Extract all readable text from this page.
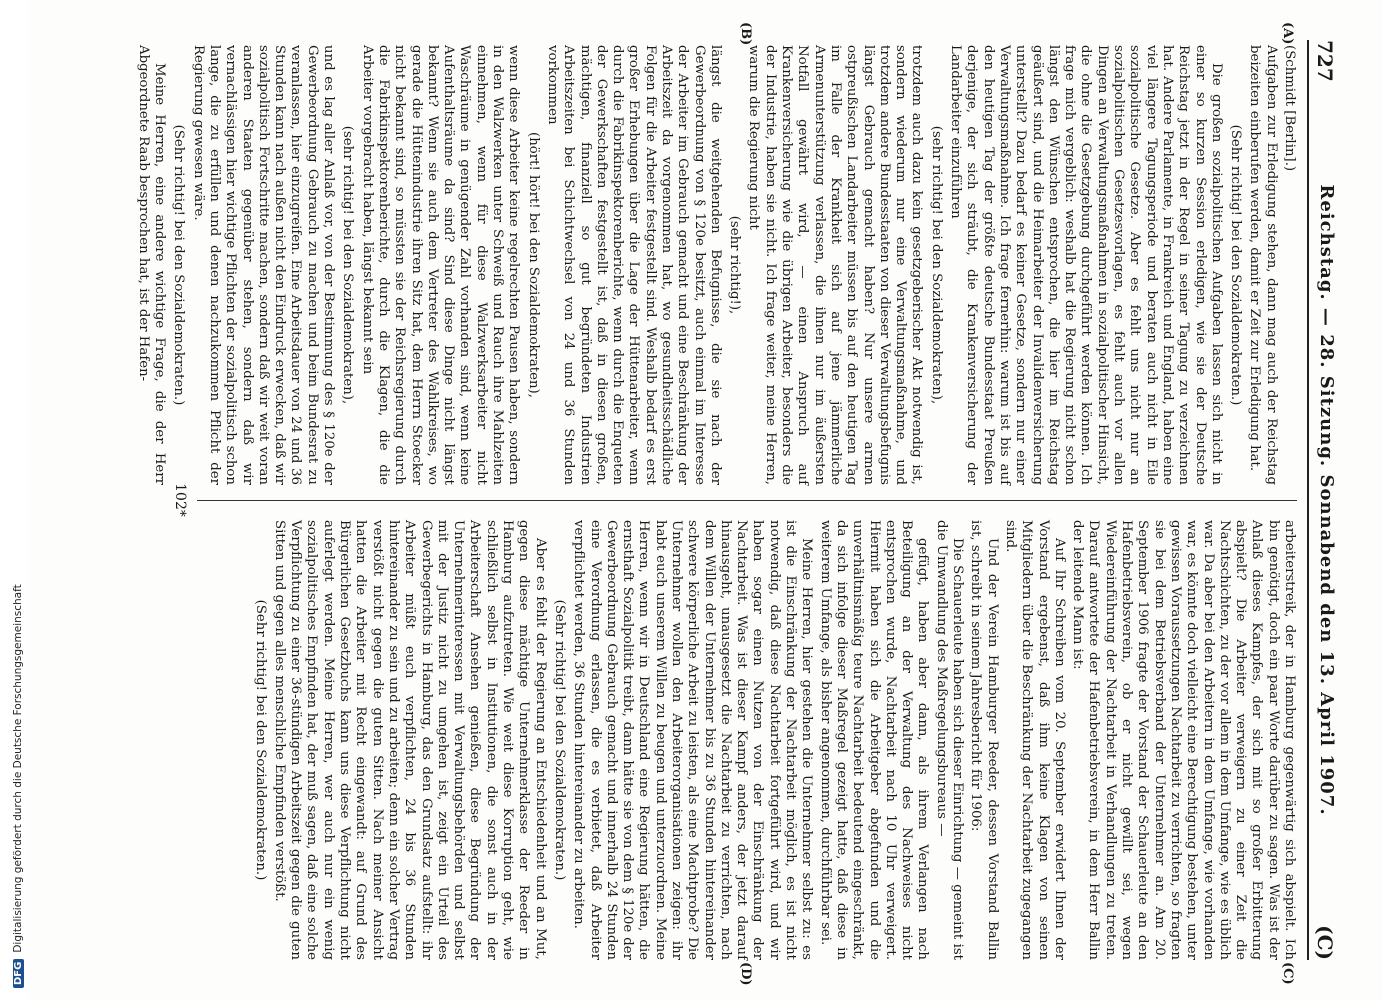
727
Reichstag. — 28. Sitzung. Sonnabend den 13. April 1907.
(C)
(A)
(B)
(C)
(D)

(Schmidt [Berlin].)

Aufgaben zur Erledigung stehen, dann mag auch der Reichstag beizeiten einberufen werden, damit er Zeit zur Erledigung hat.

(Sehr richtig! bei den Sozialdemokraten.)

Die großen sozialpolitischen Aufgaben lassen sich nicht in einer so kurzen Session erledigen, wie sie der Deutsche Reichstag jetzt in der Regel in seiner Tagung zu verzeichnen hat. Andere Parlamente, in Frankreich und England, haben eine viel längere Tagungsperiode und beraten auch nicht in Eile sozialpolitische Gesetze. Aber es fehlt uns nicht nur an sozialpolitischen Gesetzesvorlagen, es fehlt auch vor allen Dingen an Verwaltungsmaßnahmen in sozialpolitischer Hinsicht, die ohne die Gesetzgebung durchgeführt werden können. Ich frage mich vergeblich: weshalb hat die Regierung nicht schon längst den Wünschen entsprochen, die hier im Reichstag geäußert sind, und die Heimarbeiter der Invalidenversicherung unterstellt? Dazu bedarf es keiner Gesetze, sondern nur einer Verwaltungsmaßnahme. Ich frage fernerhin: warum ist bis auf den heutigen Tag der größte deutsche Bundesstaat Preußen derjenige, der sich sträubt, die Krankenversicherung der Landarbeiter einzuführen

(sehr richtig! bei den Sozialdemokraten),

trotzdem auch dazu kein gesetzgeberischer Akt notwendig ist, sondern wiederum nur eine Verwaltungsmaßnahme, und trotzdem andere Bundesstaaten von dieser Verwaltungsbefugnis längst Gebrauch gemacht haben? Nur unsere armen ostpreußischen Landarbeiter müssen bis auf den heutigen Tag im Falle der Krankheit sich auf jene jämmerliche Armenunterstützung verlassen, die ihnen nur im äußersten Notfall gewährt wird, — einen Anspruch auf Krankenversicherung wie die übrigen Arbeiter, besonders die der Industrie, haben sie nicht. Ich frage weiter, meine Herren, warum die Regierung nicht

(sehr richtig!),

längst die weitgehenden Befugnisse, die sie nach der Gewerbeordnung von § 120e besitzt, auch einmal im Interesse der Arbeiter im Gebrauch gemacht und eine Beschränkung der Arbeitszeit da vorgenommen hat, wo gesundheitsschädliche Folgen für die Arbeiter festgestellt sind. Weshalb bedarf es erst großer Erhebungen über die Lage der Hüttenarbeiter, wenn durch die Fabrikinspektorenberichte, wenn durch die Enqueten der Gewerkschaften festgestellt ist, daß in diesen großen, mächtigen, finanziell so gut begründeten Industrien Arbeitszeiten bei Schichtwechsel von 24 und 36 Stunden vorkommen

(hört! hört! bei den Sozialdemokraten),

wenn diese Arbeiter keine regelrechten Pausen haben, sondern in den Walzwerken unter Schweiß und Rauch ihre Mahlzeiten einnehmen, wenn für diese Walzwerksarbeiter nicht Waschräume in genügender Zahl vorhanden sind, wenn keine Aufenthaltsräume da sind? Sind diese Dinge nicht längst bekannt? Wenn sie auch dem Vertreter des Wahlkreises, wo gerade die Hüttenindustrie ihren Sitz hat, dem Herrn Stoecker nicht bekannt sind, so müssten sie der Reichsregierung durch die Fabrikinspektorenberichte, durch die Klagen, die die Arbeiter vorgebracht haben, längst bekannt sein

(sehr richtig! bei den Sozialdemokraten),

und es lag aller Anlaß vor, von der Bestimmung des § 120e der Gewerbeordnung Gebrauch zu machen und beim Bundesrat zu veranlassen, hier einzugreifen. Eine Arbeitsdauer von 24 und 36 Stunden kann nach außen nicht den Eindruck erwecken, daß wir sozialpolitisch Fortschritte machen, sondern daß wir weit voran anderen Staaten gegenüber stehen, sondern daß wir vernachlässigen hier wichtige Pflichten der sozialpolitisch schon lange, die zu erfüllen und denen nachzukommen Pflicht der Regierung gewesen wäre.

(Sehr richtig! bei den Sozialdemokraten.)

Meine Herren, eine andere wichtige Frage, die der Herr Abgeordnete Raab besprochen hat, ist der Hafen-

arbeiterstreik, der in Hamburg gegenwärtig sich abspielt. Ich bin genötigt, doch ein paar Worte darüber zu sagen. Was ist der Anlaß dieses Kampfes, der sich mit so großer Erbitterung abspielt? Die Arbeiter verweigern zu einer Zeit die Nachtschichten, zu der vor allem in dem Umfange, wie es üblich war. Da aber bei den Arbeitern in dem Umfange, wie vorhanden war, es könnte doch vielleicht eine Berechtigung bestehen, unter gewissen Voraussetzungen Nachtarbeit zu verrichten, so fragten sie bei dem Betriebsverband der Unternehmer an. Am 20. September 1906 fragte der Vorstand der Schauerleute an den Hafenbetriebsverein, ob er nicht gewillt sei, wegen Wiedereinführung der Nachtarbeit in Verhandlungen zu treten. Darauf antwortete der Hafenbetriebsverein, in dem Herr Ballin der leitende Mann ist:

Auf Ihr Schreiben vom 20. September erwidert Ihnen der Vorstand ergebenst, daß ihm keine Klagen von seinen Mitgliedern über die Beschränkung der Nachtarbeit zugegangen sind.

Und der Verein Hamburger Reeder, dessen Vorstand Ballin ist, schreibt in seinem Jahresbericht für 1906:

Die Schauerleute haben sich dieser Einrichtung — gemeint ist die Umwandlung des Maßregelungsbureaus —

gefügt, haben aber dann, als ihrem Verlangen nach Beteiligung an der Verwaltung des Nachweises nicht entsprochen wurde, Nachtarbeit nach 10 Uhr verweigert. Hiermit haben sich die Arbeitgeber abgefunden und die unverhältnismäßig teure Nachtarbeit bedeutend eingeschränkt, da sich infolge dieser Maßregel gezeigt hatte, daß diese in weiterem Umfange, als bisher angenommen, durchführbar sei.

Meine Herren, hier gestehen die Unternehmer selbst zu: es ist die Einschränkung der Nachtarbeit möglich, es ist nicht notwendig, daß diese Nachtarbeit fortgeführt wird, und wir haben sogar einen Nutzen von der Einschränkung der Nachtarbeit. Was ist dieser Kampf anders, der jetzt darauf hinausgeht, unausgesetzt die Nachtarbeit zu verrichten, nach dem Willen der Unternehmer bis zu 36 Stunden hintereinander schwere körperliche Arbeit zu leisten, als eine Machtprobe? Die Unternehmer wollen den Arbeiterorganisationen zeigen: ihr habt euch unserem Willen zu beugen und unterzuordnen. Meine Herren, wenn wir in Deutschland eine Regierung hätten, die ernsthaft Sozialpolitik treibt, dann hätte sie von dem § 120e der Gewerbeordnung Gebrauch gemacht und innerhalb 24 Stunden eine Verordnung erlassen, die es verbietet, daß Arbeiter verpflichtet werden, 36 Stunden hintereinander zu arbeiten.

(Sehr richtig! bei den Sozialdemokraten.)

Aber es fehlt der Regierung an Entschiedenheit und an Mut, gegen diese mächtige Unternehmerklasse der Reeder in Hamburg aufzutreten. Wie weit diese Korruption geht, wie schließlich selbst in Institutionen, die sonst auch in der Arbeiterschaft Ansehen genießen, diese Begründung der Unternehmerinteressen mit Verwaltungsbehörden und selbst mit der Justiz nicht zu umgehen ist, zeigt ein Urteil des Gewerbegerichts in Hamburg, das den Grundsatz aufstellt: ihr Arbeiter müßt euch verpflichten, 24 bis 36 Stunden hintereinander zu sein und zu arbeiten; denn ein solcher Vertrag verstößt nicht gegen die guten Sitten. Nach meiner Ansicht hatten die Arbeiter mit Recht eingewandt: auf Grund des Bürgerlichen Gesetzbuchs kann uns diese Verpflichtung nicht auferlegt werden. Meine Herren, wer auch nur ein wenig sozialpolitisches Empfinden hat, der muß sagen, daß eine solche Verpflichtung zu einer 36-stündigen Arbeitszeit gegen die guten Sitten und gegen alles menschliche Empfinden verstößt.

(Sehr richtig! bei den Sozialdemokraten.)

102*
DFGDigitalisierung gefördert durch die Deutsche Forschungsgemeinschaft
